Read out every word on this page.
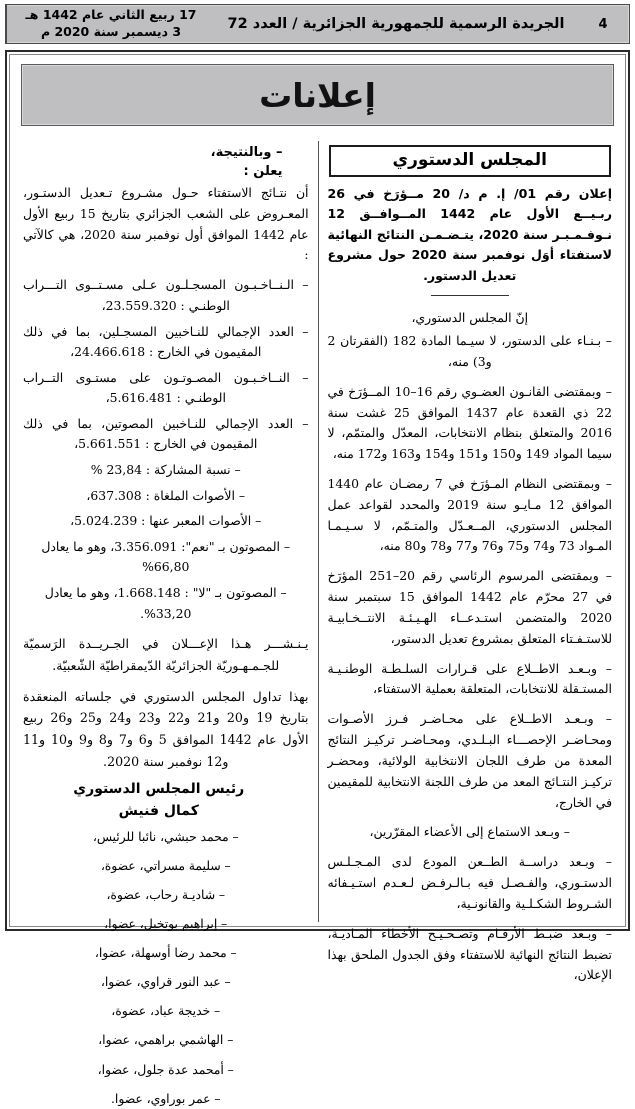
4
الجريدة الرسمية للجمهورية الجزائرية / العدد 72
17 ربيع الثاني عام 1442 هـ
3 ديسمبر سنة 2020 م
إعلانات
المجلس الدستوري
إعلان رقم 01/ إ. م د/ 20 مــؤرَخ في 26 ربـيــع الأول عام 1442 المــوافــق 12 نـوفـمـبـر سنة 2020، يتـضـمـن النتائج النهائية لاستفتاء أوَل نوفمبر سنة 2020 حول مشروع تعديل الدستور.
إنّ المجلس الدستوري،
– بـنـاء على الدستور، لا سيـما المادة 182 (الفقرتان 2 و3) منه،
– وبمقتضى القانـون العضـوي رقم 16–10 المــؤرَخ في 22 ذي القعدة عام 1437 الموافق 25 غشت سنة 2016 والمتعلق بنظام الانتخابات، المعدّل والمتمّم، لا سيما المواد 149 و150 و151 و154 و163 و172 منه،
– وبمقتضى النظام المـؤرَخ في 7 رمضـان عام 1440 الموافق 12 مـايـو سنة 2019 والمحدد لقواعد عمل المجلس الدستوري، المــعـدّل والمتـمّم، لا سـيـمـا المـواد 73 و74 و75 و76 و77 و78 و80 منه،
– وبمقتضى المرسوم الرئاسي رقم 20–251 المؤرَخ في 27 محرّم عام 1442 الموافق 15 سبتمبر سنة 2020 والمتضمن استـدعــاء الهـيـئـة الانتــخـابيـة للاستـفـتاء المتعلق بمشروع تعديل الدستور،
– وبـعـد الاطــلاع على قـرارات السلـطـة الوطنـيـة المستـقلة للانتخابات، المتعلقة بعملية الاستفتاء،
– وبـعـد الاطــلاع على محـاضـر فـرز الأصـوات ومحـاضـر الإحصـــاء البـلـدي، ومحـاضـر تركيـز النتائج المعدة من طرف اللجان الانتخابية الولائية، ومحضـر تركيـز النتـائج المعد من طرف اللجنة الانتخابية للمقيمين في الخارج،
– وبـعد الاستماع إلى الأعضاء المقرّرين،
– وبـعد دراســة الطــعن المودع لدى المـجـلـس الدستـوري، والفـصـل فيه بـالـرفـض لـعـدم استـيـفائه الشـروط الشكـلـية والقانونـية،
– وبـعد ضبـط الأرقـام وتصـحـيـح الأخطاء المـاديـة، تضبط النتائج النهائية للاستفتاء وفق الجدول الملحق بهذا الإعلان،
– وبالنتيجة،
يعلن :
أن نتـائج الاستفتاء حـول مشـروع تـعديل الدستـور، المعـروض على الشعب الجزائري بتاريخ 15 ربيع الأول عام 1442 الموافق أول نوفمبر سنة 2020، هي كالآتي :
– الـنــاخـبـون المسجـلـون عـلى مسـتــوى التـــراب الوطنـي : 23.559.320،
– العدد الإجمالي للنـاخبين المسجـلين، بما في ذلك المقيمون في الخارج : 24.466.618،
– النــاخـبـون المصـوتـون على مستـوى التــراب الوطنـي : 5.616.481،
– العدد الإجمالي للنـاخبين المصوتين، بما في ذلك المقيمون في الخارج : 5.661.551،
– نسبة المشاركة : 23,84 %
– الأصوات الملغاة : 637.308،
– الأصوات المعبر عنها : 5.024.239،
– المصوتون بـ "نعم": 3.356.091، وهو ما يعادل 66,80%
– المصوتون بـ "لا" : 1.668.148، وهو ما يعادل 33,20%.
يـنـشـــر هـذا الإعـــلان في الجـريــدة الرَسميّة للجـمـهـوريّة الجزائريّة الدّيمقراطيّة الشّعبيّة.
بهذا تداول المجلس الدستوري في جلساته المنعقدة بتاريخ 19 و20 و21 و22 و23 و24 و25 و26 ربيع الأول عام 1442 الموافق 5 و6 و7 و8 و9 و10 و11 و12 نوفمبر سنة 2020.
رئيس المجلس الدستوري
كمال فنيش
– محمد حبشي، نائبا للرئيس،
– سليمة مسراتي، عضوة،
– شاديـة رحاب، عضوة،
– إبراهيم بوتخيل، عضوا،
– محمد رضا أوسهلة، عضوا،
– عبد النور قراوي، عضوا،
– خديجة عباد، عضوة،
– الهاشمي براهمي، عضوا،
– أمحمد عدة جلول، عضوا،
– عمر بوراوي، عضوا.
